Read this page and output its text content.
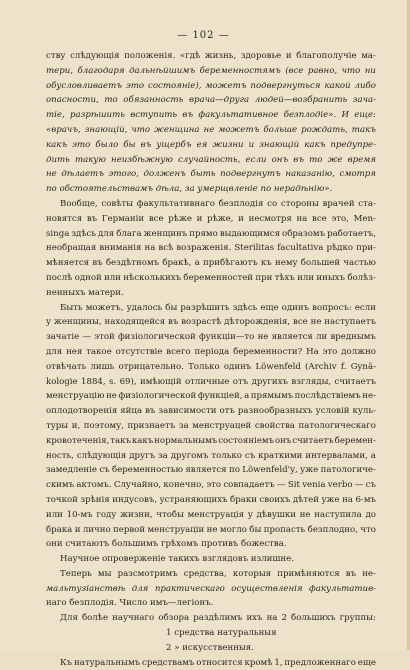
— 102 —
ству слѣдующія положенія. «гдѣ жизнь, здоровье и благополучіе ма-
тери, благодаря дальнѣйшимъ беременностямъ (все равно, что ни
обусловливаетъ это состояніе), можетъ подвергнуться какой либо
опасности, то обязанность врача—друга людей—возбранить зача-
тіе, разрѣшить вступить въ факультативное безплодіе». И еще:
«врачъ, знающій, что женщина не можетъ больше рождать, такъ
какъ это было бы въ ущербъ ея жизни и знающій какъ предупре-
дить такую неизбѣжную случайность, если онъ въ то же время
не дѣлаетъ этого, долженъ быть подвергнутъ наказанію, смотря
по обстоятельствамъ дѣла, за умерщвленіе по нерадѣнію».
Вообще, совѣты факультативнаго безплодія со стороны врачей ста-
новятся въ Германіи все рѣже и рѣже, и несмотря на все это, Men-
singa здѣсь для блага женщинъ прямо выдающимся образомъ работаетъ,
необращая вниманія на всѣ возраженія. Sterilitas facultativa рѣдко при-
мѣняется въ бездѣтномъ бракѣ, а прибѣгаютъ къ нему большей частью
послѣ одной или нѣсколькихъ беременностей при тѣхъ или иныхъ болѣз-
ненныхъ матери.
Быть можетъ, удалось бы разрѣшить здѣсь еще одинъ вопросъ: если
у женщины, находящейся въ возрастѣ дѣторожденія, все не наступаетъ
зачатіе — этой физіологической функціи—то не является ли вреднымъ
для нея такое отсутствіе всего періода беременности? На это должно
отвѣчать лишь отрицательно. Только одинъ Löwenfeld (Archiv f. Gynä-
kologie 1884, s. 69), имѣющій отличные отъ другихъ взгляды, считаетъ
менструацію не физіологической функціей, а прямымъ послѣдствіемъ не-
оплодотворенія яйца въ зависимости отъ разнообразныхъ условій куль-
туры и, поэтому, признаетъ за менструацей свойства патологическаго
кровотеченія, такъ какъ нормальнымъ состояніемъ онъ считаетъ беремен-
ность, слѣдующія другъ за другомъ только съ краткими интервалами, а
замедленіе съ беременностью является по Löwenfeld'у, уже патологиче-
скимъ актомъ. Случайно, конечно, это совпадаетъ — Sit venia verbo — съ
точкой зрѣнія индусовъ, устраняющихъ браки своихъ дѣтей уже на 6-мъ
или 10-мъ году жизни, чтобы менструація у дѣвушки не наступила до
брака и лично первой менструаціи не могло бы пропасть безплодно, что
они считаютъ большимъ грѣхомъ противъ божества.
Научное опроверженіе такихъ взглядовъ излишне.
Теперь мы разсмотримъ средства, которыя примѣняются въ не-
мальтузіанствѣ для практическаго осуществленія факультатив-
наго безплодія. Число имъ—легіонъ.
Для болѣе научнаго обзора раздѣлимъ ихъ на 2 большихъ группы:
1 средства натуральныя
2 » искусственныя.
Къ натуральнымъ средствамъ относится кромѣ 1, предложеннаго еще
